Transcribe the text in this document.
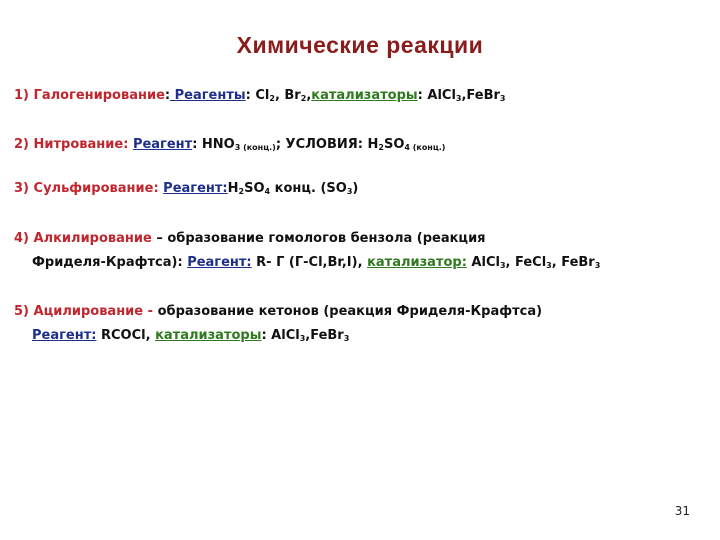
Химические реакции
1) Галогенирование: Реагенты: $Cl_2$, $Br_2,катализаторы$: AlCl$_3$,FeBr$_3$
2) Нитрование: Реагент: $HNO_{3 (конц.)}$; УСЛОВИЯ: $H_2SO_{4 (конц.)}$
3) Сульфирование: $Реагент:H_2SO_4$ конц. $(SO_3)$
4) Алкилирование – образование гомологов бензола (реакция
Фриделя-Крафтса): Реагент: R- Г (Г-Cl,Br,I), катализатор: AlCl$_3$, FeCl$_3$, FeBr$_3$
5) Ацилирование - образование кетонов (реакция Фриделя-Крафтса)
Реагент: RCOCl, катализаторы: AlCl$_3$,FeBr$_3$
31
